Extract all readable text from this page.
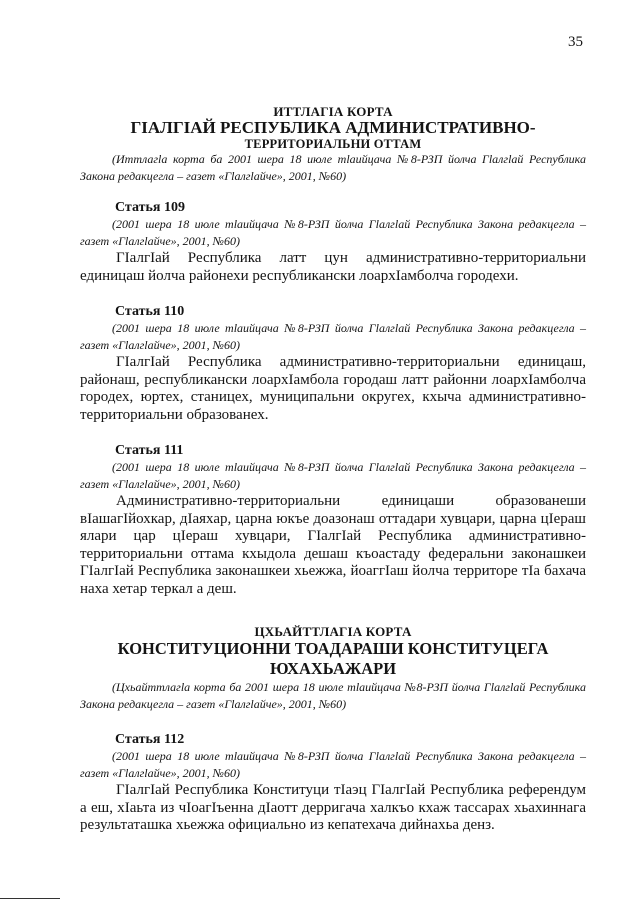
35
ИТТЛАГIА КОРТА
ГIАЛГIАЙ РЕСПУБЛИКА АДМИНИСТРАТИВНО-
ТЕРРИТОРИАЛЬНИ ОТТАМ
(Иттлагlа корта ба 2001 шера 18 июле тlаийцача №8-РЗП йолча Гlалгlай Республика Закона редакцеглa – газет «Гlалгlайче», 2001, №60)
Статья 109
(2001 шера 18 июле тlаийцача №8-РЗП йолча Гlалгlай Республика Закона редакцеглa – газет «Гlалгlайче», 2001, №60)
ГIалгIай Республика латт цун административно-территориальни единицаш йолча районехи республикански лоархIамболча городехи.
Статья 110
(2001 шера 18 июле тlаийцача №8-РЗП йолча Гlалгlай Республика Закона редакцеглa – газет «Гlалгlайче», 2001, №60)
ГIалгIай Республика административно-территориальни единицаш, районаш, республикански лоархIамбола городаш латт районни лоархIамболча городех, юртех, станицех, муниципальни округех, кхыча административно-территориальни образованех.
Статья 111
(2001 шера 18 июле тlаийцача №8-РЗП йолча Гlалгlай Республика Закона редакцеглa – газет «Гlалгlайче», 2001, №60)
Административно-территориальни единицаши образованеши вIашагIйохкар, дIаяхар, царна юкъе доазонаш оттадари хувцари, царна цIераш ялари цар цIераш хувцари, ГIалгIай Республика административно-территориальни оттама кхыдола дешаш къоастаду федеральни законашкеи ГIалгIай Республика законашкеи хьежжа, йоаггIаш йолча территоре тIа бахача наха хетар теркал а деш.
ЦХЬАЙТТЛАГIА КОРТА
КОНСТИТУЦИОННИ ТОАДАРАШИ КОНСТИТУЦЕГА
ЮХАХЬАЖАРИ
(Цхьайттлагlа корта ба 2001 шера 18 июле тlаийцача №8-РЗП йолча Гlалгlай Республика Закона редакцеглa – газет «Гlалгlайче», 2001, №60)
Статья 112
(2001 шера 18 июле тlаийцача №8-РЗП йолча Гlалгlай Республика Закона редакцеглa – газет «Гlалгlайче», 2001, №60)
ГIалгIай Республика Конституци тIаэц ГIалгIай Республика референдум а еш, хIаьта из чIоагIъенна дIаотт дерригача халкъо кхаж тассарах хьахиннага результаташка хьежжа официально из кепатехача дийнахьа денз.
